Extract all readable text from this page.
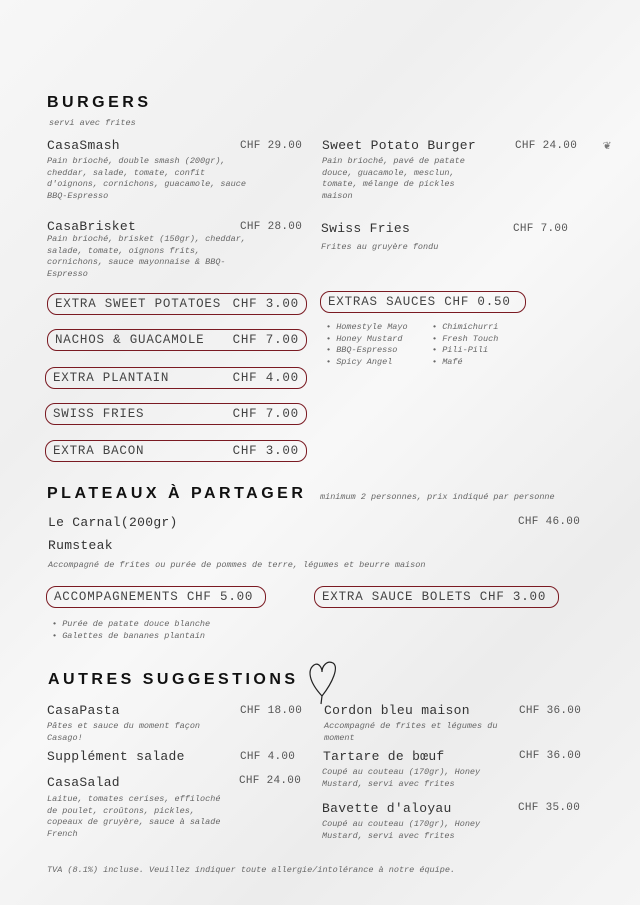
BURGERS
servi avec frites
CasaSmash	CHF 29.00
Pain brioché, double smash (200gr), cheddar, salade, tomate, confit d'oignons, cornichons, guacamole, sauce BBQ-Espresso
Sweet Potato Burger	CHF 24.00 ❦
Pain brioché, pavé de patate douce, guacamole, mesclun, tomate, mélange de pickles maison
CasaBrisket	CHF 28.00
Pain brioché, brisket (150gr), cheddar, salade, tomate, oignons frits, cornichons, sauce mayonnaise & BBQ-Espresso
Swiss Fries	CHF 7.00
Frites au gruyère fondu
EXTRA SWEET POTATOES CHF 3.00
NACHOS & GUACAMOLE CHF 7.00
EXTRA PLANTAIN	CHF 4.00
SWISS FRIES	CHF 7.00
EXTRA BACON	CHF 3.00
EXTRAS SAUCES CHF 0.50
• Homestyle Mayo
• Honey Mustard
• BBQ-Espresso
• Spicy Angel
• Chimichurri
• Fresh Touch
• Pili-Pili
• Mafé
PLATEAUX À PARTAGER minimum 2 personnes, prix indiqué par personne
Le Carnal(200gr)	CHF 46.00
Rumsteak
Accompagné de frites ou purée de pommes de terre, légumes et beurre maison
ACCOMPAGNEMENTS CHF 5.00	EXTRA SAUCE BOLETS CHF 3.00
• Purée de patate douce blanche
• Galettes de bananes plantain
AUTRES SUGGESTIONS
CasaPasta	CHF 18.00
Pâtes et sauce du moment façon Casago!
Supplément salade	CHF 4.00
CasaSalad	CHF 24.00
Laitue, tomates cerises, effiloché de poulet, croûtons, pickles, copeaux de gruyère, sauce à salade French
Cordon bleu maison	CHF 36.00
Accompagné de frites et légumes du moment
Tartare de bœuf	CHF 36.00
Coupé au couteau (170gr), Honey Mustard, servi avec frites
Bavette d'aloyau	CHF 35.00
Coupé au couteau (170gr), Honey Mustard, servi avec frites
TVA (8.1%) incluse. Veuillez indiquer toute allergie/intolérance à notre équipe.
